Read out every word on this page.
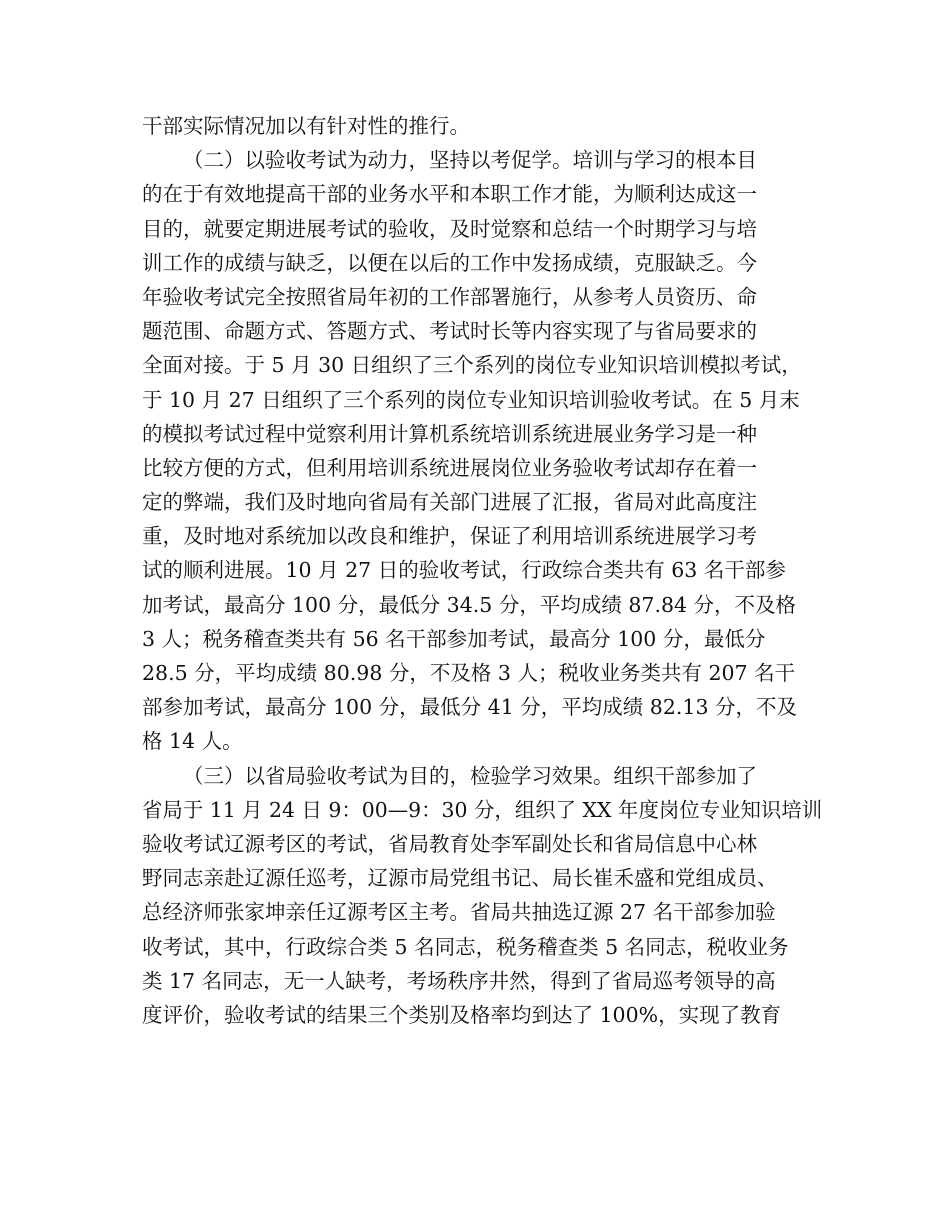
干部实际情况加以有针对性的推行。
（二）以验收考试为动力，坚持以考促学。培训与学习的根本目
的在于有效地提高干部的业务水平和本职工作才能，为顺利达成这一
目的，就要定期进展考试的验收，及时觉察和总结一个时期学习与培
训工作的成绩与缺乏，以便在以后的工作中发扬成绩，克服缺乏。今
年验收考试完全按照省局年初的工作部署施行，从参考人员资历、命
题范围、命题方式、答题方式、考试时长等内容实现了与省局要求的
全面对接。于 5 月 30 日组织了三个系列的岗位专业知识培训模拟考试，
于 10 月 27 日组织了三个系列的岗位专业知识培训验收考试。在 5 月末
的模拟考试过程中觉察利用计算机系统培训系统进展业务学习是一种
比较方便的方式，但利用培训系统进展岗位业务验收考试却存在着一
定的弊端，我们及时地向省局有关部门进展了汇报，省局对此高度注
重，及时地对系统加以改良和维护，保证了利用培训系统进展学习考
试的顺利进展。10 月 27 日的验收考试，行政综合类共有 63 名干部参
加考试，最高分 100 分，最低分 34.5 分，平均成绩 87.84 分，不及格
3 人；税务稽查类共有 56 名干部参加考试，最高分 100 分，最低分
28.5 分，平均成绩 80.98 分，不及格 3 人；税收业务类共有 207 名干
部参加考试，最高分 100 分，最低分 41 分，平均成绩 82.13 分，不及
格 14 人。
（三）以省局验收考试为目的，检验学习效果。组织干部参加了
省局于 11 月 24 日 9：00—9：30 分，组织了 XX 年度岗位专业知识培训
验收考试辽源考区的考试，省局教育处李军副处长和省局信息中心林
野同志亲赴辽源任巡考，辽源市局党组书记、局长崔禾盛和党组成员、
总经济师张家坤亲任辽源考区主考。省局共抽选辽源 27 名干部参加验
收考试，其中，行政综合类 5 名同志，税务稽查类 5 名同志，税收业务
类 17 名同志，无一人缺考，考场秩序井然，得到了省局巡考领导的高
度评价，验收考试的结果三个类别及格率均到达了 100%，实现了教育
